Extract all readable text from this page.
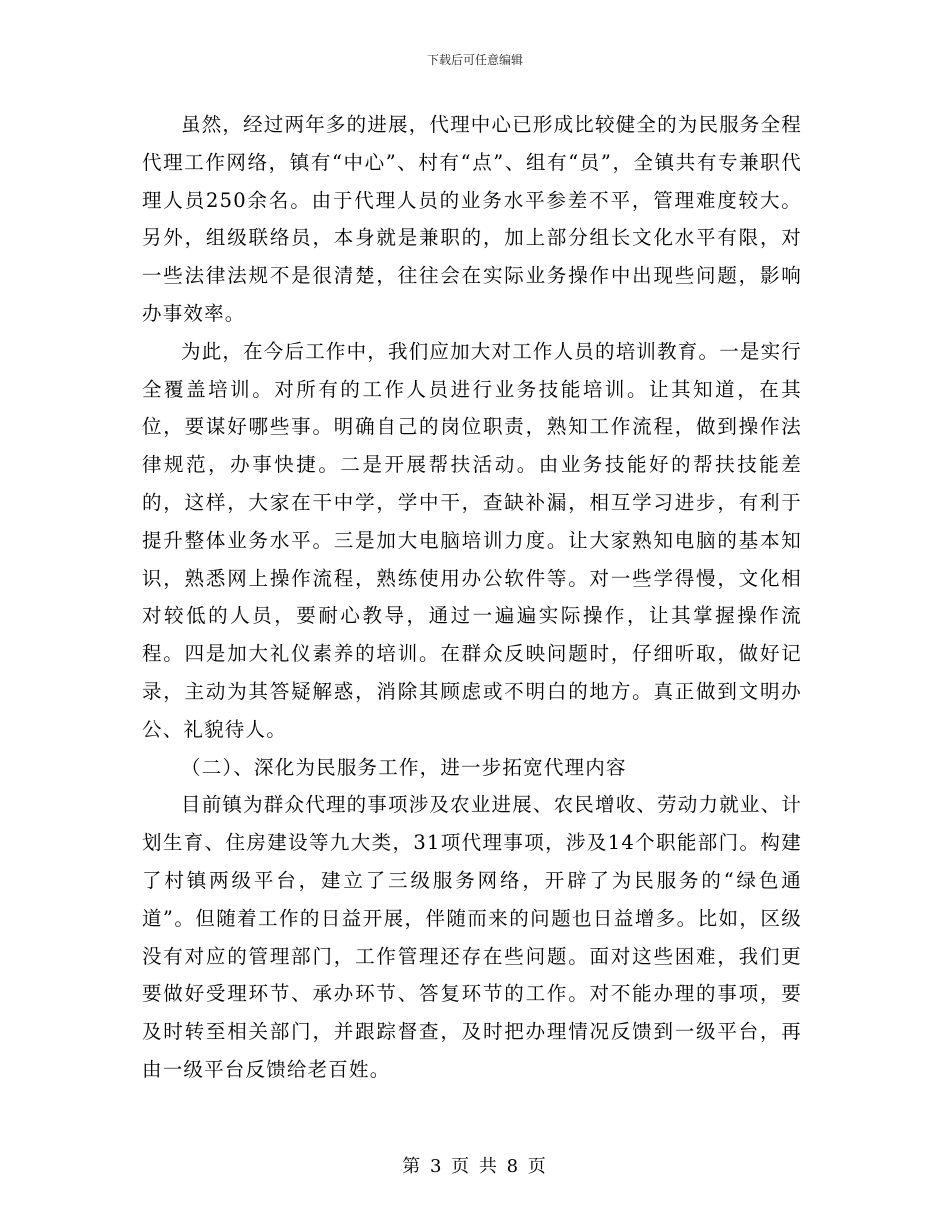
下载后可任意编辑

虽然，经过两年多的进展，代理中心已形成比较健全的为民服务全程代理工作网络，镇有“中心”、村有“点”、组有“员”，全镇共有专兼职代理人员250余名。由于代理人员的业务水平参差不平，管理难度较大。另外，组级联络员，本身就是兼职的，加上部分组长文化水平有限，对一些法律法规不是很清楚，往往会在实际业务操作中出现些问题，影响办事效率。

为此，在今后工作中，我们应加大对工作人员的培训教育。一是实行全覆盖培训。对所有的工作人员进行业务技能培训。让其知道，在其位，要谋好哪些事。明确自己的岗位职责，熟知工作流程，做到操作法律规范，办事快捷。二是开展帮扶活动。由业务技能好的帮扶技能差的，这样，大家在干中学，学中干，查缺补漏，相互学习进步，有利于提升整体业务水平。三是加大电脑培训力度。让大家熟知电脑的基本知识，熟悉网上操作流程，熟练使用办公软件等。对一些学得慢，文化相对较低的人员，要耐心教导，通过一遍遍实际操作，让其掌握操作流程。四是加大礼仪素养的培训。在群众反映问题时，仔细听取，做好记录，主动为其答疑解惑，消除其顾虑或不明白的地方。真正做到文明办公、礼貌待人。

（二）、深化为民服务工作，进一步拓宽代理内容

目前镇为群众代理的事项涉及农业进展、农民增收、劳动力就业、计划生育、住房建设等九大类，31项代理事项，涉及14个职能部门。构建了村镇两级平台，建立了三级服务网络，开辟了为民服务的“绿色通道”。但随着工作的日益开展，伴随而来的问题也日益增多。比如，区级没有对应的管理部门，工作管理还存在些问题。面对这些困难，我们更要做好受理环节、承办环节、答复环节的工作。对不能办理的事项，要及时转至相关部门，并跟踪督查，及时把办理情况反馈到一级平台，再由一级平台反馈给老百姓。

第 3 页 共 8 页
